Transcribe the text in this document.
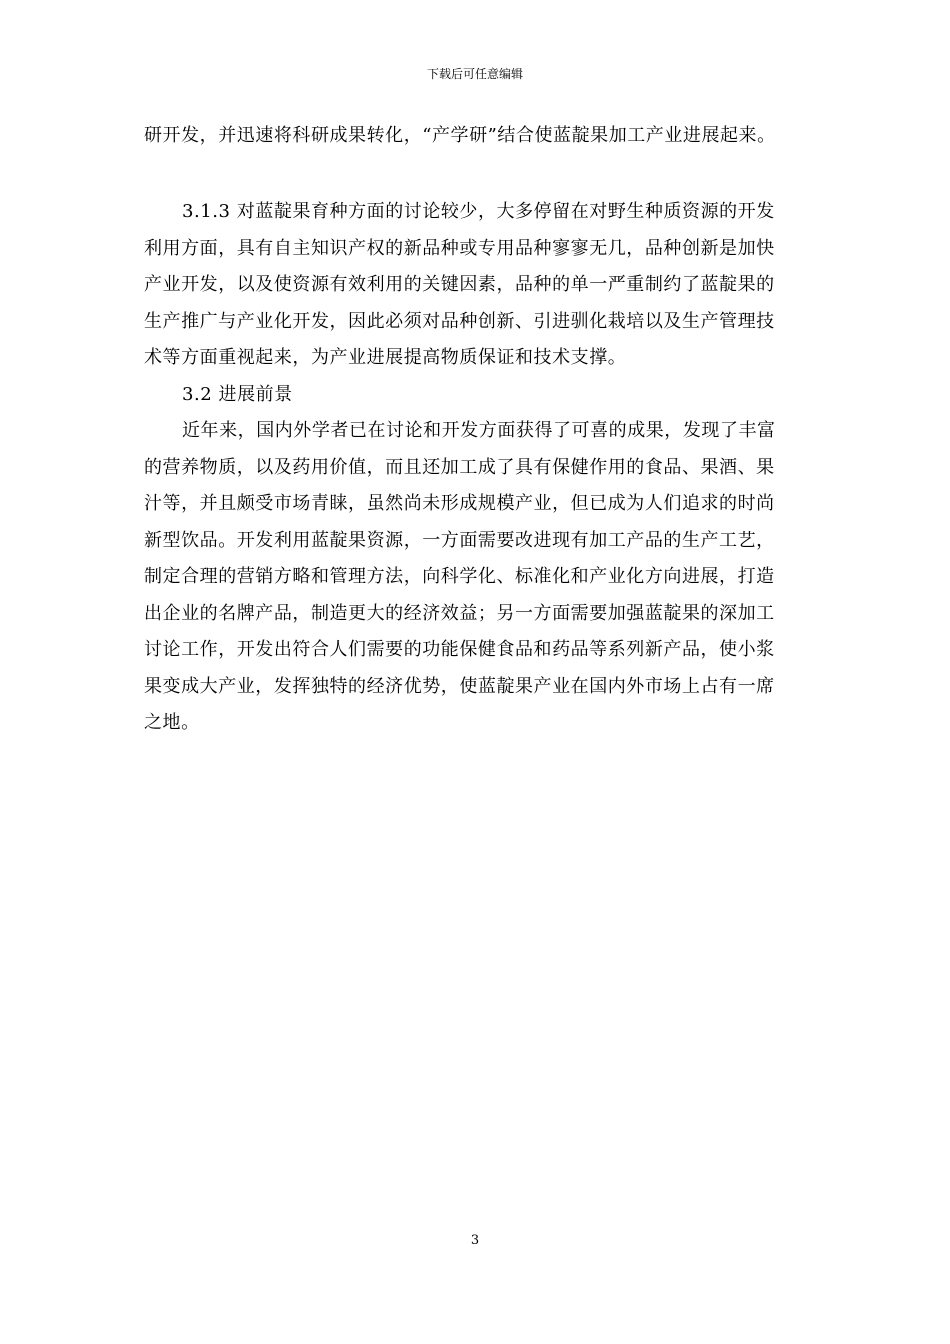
下载后可任意编辑

研开发，并迅速将科研成果转化，“产学研”结合使蓝靛果加工产业进展起来。

3.1.3 对蓝靛果育种方面的讨论较少，大多停留在对野生种质资源的开发

利用方面，具有自主知识产权的新品种或专用品种寥寥无几，品种创新是加快

产业开发，以及使资源有效利用的关键因素，品种的单一严重制约了蓝靛果的

生产推广与产业化开发，因此必须对品种创新、引进驯化栽培以及生产管理技

术等方面重视起来，为产业进展提高物质保证和技术支撑。

3.2 进展前景

近年来，国内外学者已在讨论和开发方面获得了可喜的成果，发现了丰富

的营养物质，以及药用价值，而且还加工成了具有保健作用的食品、果酒、果

汁等，并且颇受市场青睐，虽然尚未形成规模产业，但已成为人们追求的时尚

新型饮品。开发利用蓝靛果资源，一方面需要改进现有加工产品的生产工艺，

制定合理的营销方略和管理方法，向科学化、标准化和产业化方向进展，打造

出企业的名牌产品，制造更大的经济效益；另一方面需要加强蓝靛果的深加工

讨论工作，开发出符合人们需要的功能保健食品和药品等系列新产品，使小浆

果变成大产业，发挥独特的经济优势，使蓝靛果产业在国内外市场上占有一席

之地。

3
